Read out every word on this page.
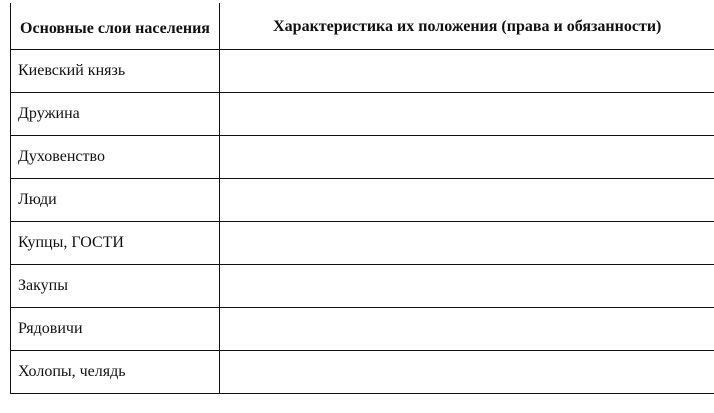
Основные слои населения	Характеристика их положения (права и обязанности)
Киевский князь	
Дружина	
Духовенство	
Люди	
Купцы, ГОСТИ	
Закупы	
Рядовичи	
Холопы, челядь	
